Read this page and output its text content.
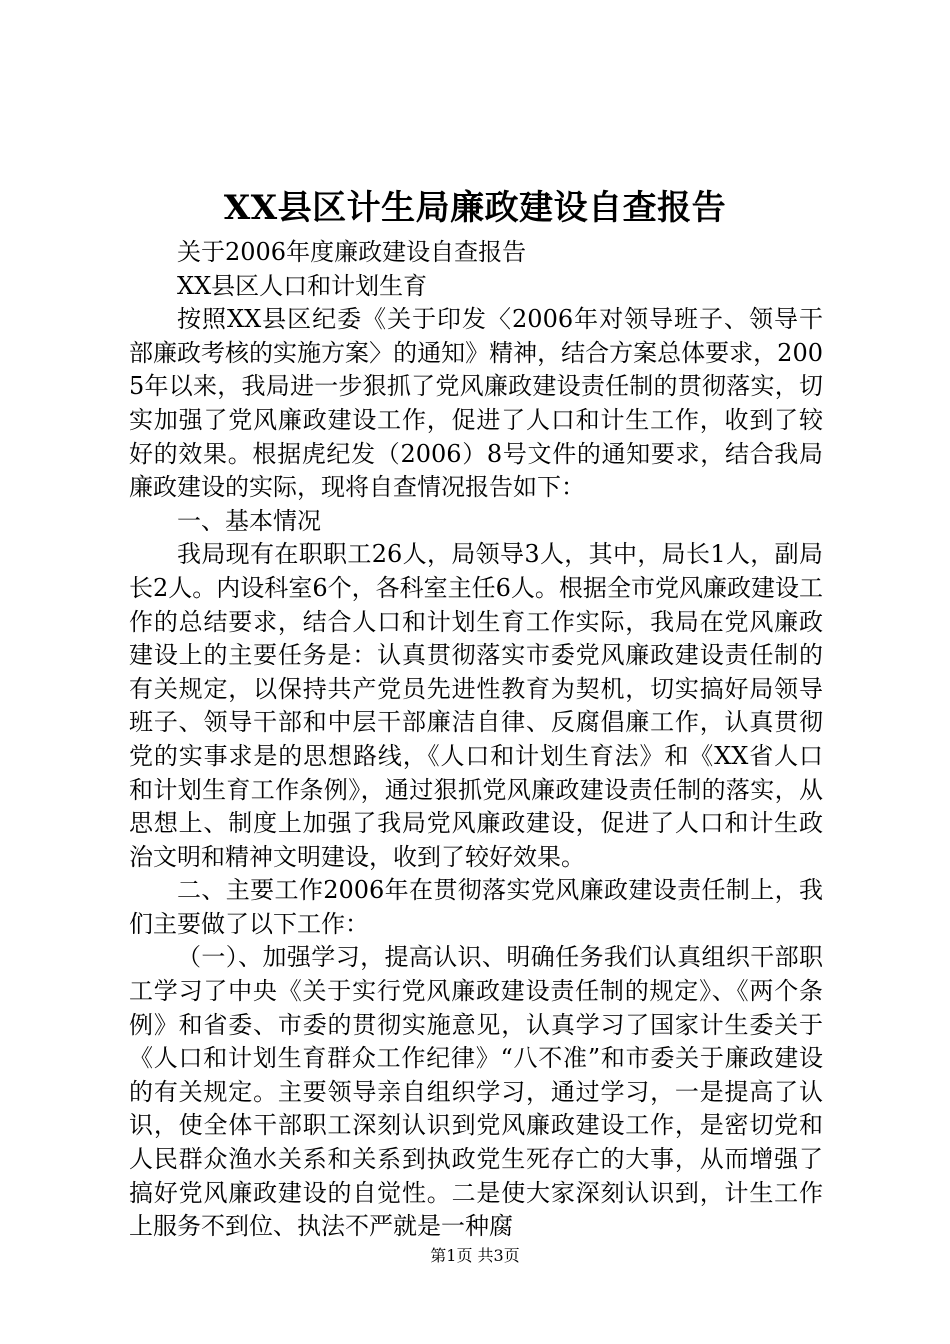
XX县区计生局廉政建设自查报告

关于2006年度廉政建设自查报告

XX县区人口和计划生育

按照XX县区纪委《关于印发〈2006年对领导班子、领导干部廉政考核的实施方案〉的通知》精神，结合方案总体要求，2005年以来，我局进一步狠抓了党风廉政建设责任制的贯彻落实，切实加强了党风廉政建设工作，促进了人口和计生工作，收到了较好的效果。根据虎纪发（2006）8号文件的通知要求，结合我局廉政建设的实际，现将自查情况报告如下：

一、基本情况

我局现有在职职工26人，局领导3人，其中，局长1人，副局长2人。内设科室6个，各科室主任6人。根据全市党风廉政建设工作的总结要求，结合人口和计划生育工作实际，我局在党风廉政建设上的主要任务是：认真贯彻落实市委党风廉政建设责任制的有关规定，以保持共产党员先进性教育为契机，切实搞好局领导班子、领导干部和中层干部廉洁自律、反腐倡廉工作，认真贯彻党的实事求是的思想路线，《人口和计划生育法》和《XX省人口和计划生育工作条例》，通过狠抓党风廉政建设责任制的落实，从思想上、制度上加强了我局党风廉政建设，促进了人口和计生政治文明和精神文明建设，收到了较好效果。

二、主要工作2006年在贯彻落实党风廉政建设责任制上，我们主要做了以下工作：

（一）、加强学习，提高认识、明确任务我们认真组织干部职工学习了中央《关于实行党风廉政建设责任制的规定》、《两个条例》和省委、市委的贯彻实施意见，认真学习了国家计生委关于《人口和计划生育群众工作纪律》“八不准”和市委关于廉政建设的有关规定。主要领导亲自组织学习，通过学习，一是提高了认识，使全体干部职工深刻认识到党风廉政建设工作，是密切党和人民群众渔水关系和关系到执政党生死存亡的大事，从而增强了搞好党风廉政建设的自觉性。二是使大家深刻认识到，计生工作上服务不到位、执法不严就是一种腐

第1页 共3页
